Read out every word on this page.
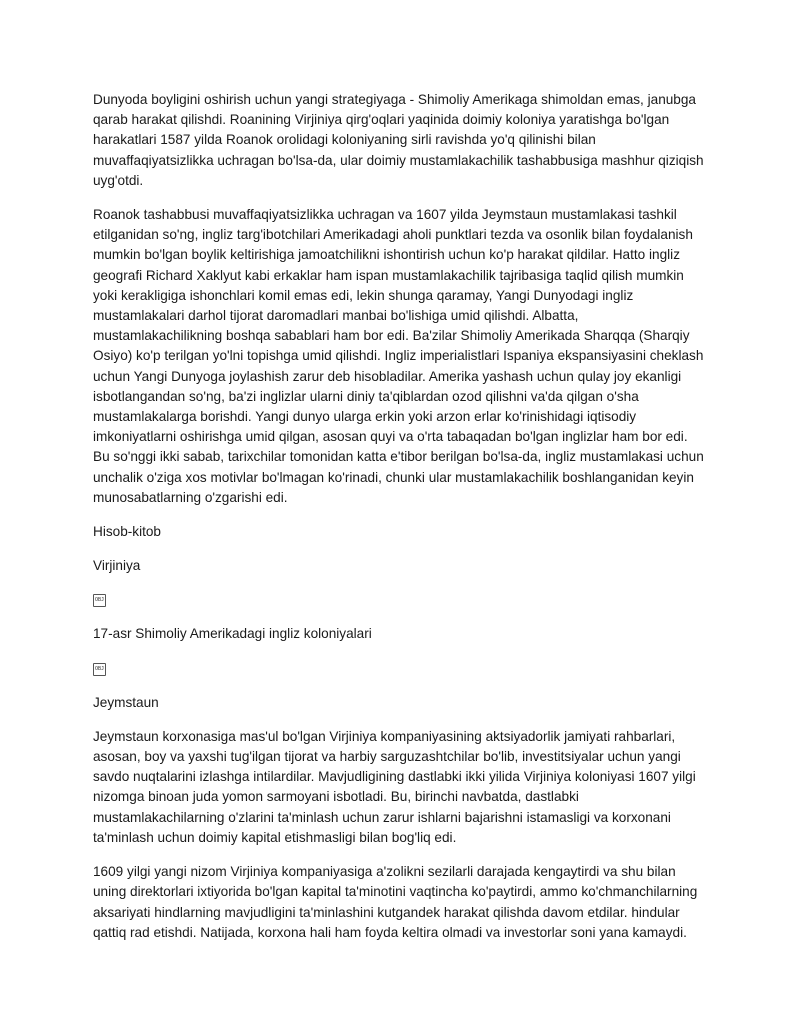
Dunyoda boyligini oshirish uchun yangi strategiyaga - Shimoliy Amerikaga shimoldan emas, janubga qarab harakat qilishdi. Roanining Virjiniya qirg'oqlari yaqinida doimiy koloniya yaratishga bo'lgan harakatlari 1587 yilda Roanok orolidagi koloniyaning sirli ravishda yo'q qilinishi bilan muvaffaqiyatsizlikka uchragan bo'lsa-da, ular doimiy mustamlakachilik tashabbusiga mashhur qiziqish uyg'otdi.

Roanok tashabbusi muvaffaqiyatsizlikka uchragan va 1607 yilda Jeymstaun mustamlakasi tashkil etilganidan so'ng, ingliz targ'ibotchilari Amerikadagi aholi punktlari tezda va osonlik bilan foydalanish mumkin bo'lgan boylik keltirishiga jamoatchilikni ishontirish uchun ko'p harakat qildilar. Hatto ingliz geografi Richard Xaklyut kabi erkaklar ham ispan mustamlakachilik tajribasiga taqlid qilish mumkin yoki kerakligiga ishonchlari komil emas edi, lekin shunga qaramay, Yangi Dunyodagi ingliz mustamlakalari darhol tijorat daromadlari manbai bo'lishiga umid qilishdi. Albatta, mustamlakachilikning boshqa sabablari ham bor edi. Ba'zilar Shimoliy Amerikada Sharqqa (Sharqiy Osiyo) ko'p terilgan yo'lni topishga umid qilishdi. Ingliz imperialistlari Ispaniya ekspansiyasini cheklash uchun Yangi Dunyoga joylashish zarur deb hisobladilar. Amerika yashash uchun qulay joy ekanligi isbotlangandan so'ng, ba'zi inglizlar ularni diniy ta'qiblardan ozod qilishni va'da qilgan o'sha mustamlakalarga borishdi. Yangi dunyo ularga erkin yoki arzon erlar ko'rinishidagi iqtisodiy imkoniyatlarni oshirishga umid qilgan, asosan quyi va o'rta tabaqadan bo'lgan inglizlar ham bor edi. Bu so'nggi ikki sabab, tarixchilar tomonidan katta e'tibor berilgan bo'lsa-da, ingliz mustamlakasi uchun unchalik o'ziga xos motivlar bo'lmagan ko'rinadi, chunki ular mustamlakachilik boshlanganidan keyin munosabatlarning o'zgarishi edi.

Hisob-kitob

Virjiniya

OBJ

17-asr Shimoliy Amerikadagi ingliz koloniyalari

OBJ

Jeymstaun

Jeymstaun korxonasiga mas'ul bo'lgan Virjiniya kompaniyasining aktsiyadorlik jamiyati rahbarlari, asosan, boy va yaxshi tug'ilgan tijorat va harbiy sarguzashtchilar bo'lib, investitsiyalar uchun yangi savdo nuqtalarini izlashga intilardilar. Mavjudligining dastlabki ikki yilida Virjiniya koloniyasi 1607 yilgi nizomga binoan juda yomon sarmoyani isbotladi. Bu, birinchi navbatda, dastlabki mustamlakachilarning o'zlarini ta'minlash uchun zarur ishlarni bajarishni istamasligi va korxonani ta'minlash uchun doimiy kapital etishmasligi bilan bog'liq edi.

1609 yilgi yangi nizom Virjiniya kompaniyasiga a'zolikni sezilarli darajada kengaytirdi va shu bilan uning direktorlari ixtiyorida bo'lgan kapital ta'minotini vaqtincha ko'paytirdi, ammo ko'chmanchilarning aksariyati hindlarning mavjudligini ta'minlashini kutgandek harakat qilishda davom etdilar. hindular qattiq rad etishdi. Natijada, korxona hali ham foyda keltira olmadi va investorlar soni yana kamaydi.
